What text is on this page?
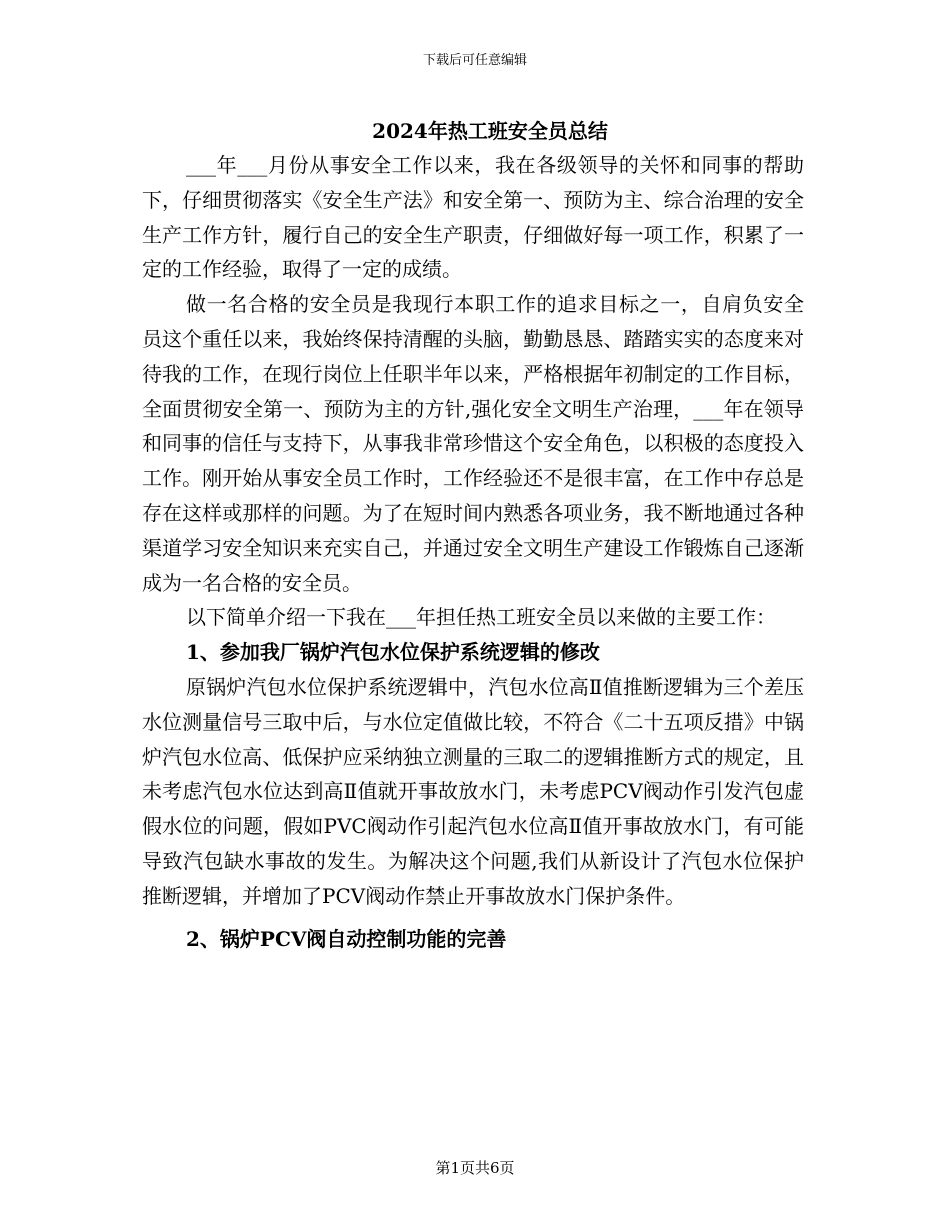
下载后可任意编辑
2024年热工班安全员总结

___年___月份从事安全工作以来，我在各级领导的关怀和同事的帮助下，仔细贯彻落实《安全生产法》和安全第一、预防为主、综合治理的安全生产工作方针，履行自己的安全生产职责，仔细做好每一项工作，积累了一定的工作经验，取得了一定的成绩。

做一名合格的安全员是我现行本职工作的追求目标之一，自肩负安全员这个重任以来，我始终保持清醒的头脑，勤勤恳恳、踏踏实实的态度来对待我的工作，在现行岗位上任职半年以来，严格根据年初制定的工作目标，全面贯彻安全第一、预防为主的方针,强化安全文明生产治理，___年在领导和同事的信任与支持下，从事我非常珍惜这个安全角色，以积极的态度投入工作。刚开始从事安全员工作时，工作经验还不是很丰富，在工作中存总是存在这样或那样的问题。为了在短时间内熟悉各项业务，我不断地通过各种渠道学习安全知识来充实自己，并通过安全文明生产建设工作锻炼自己逐渐成为一名合格的安全员。

以下简单介绍一下我在___年担任热工班安全员以来做的主要工作：

1、参加我厂锅炉汽包水位保护系统逻辑的修改

原锅炉汽包水位保护系统逻辑中，汽包水位高Ⅱ值推断逻辑为三个差压水位测量信号三取中后，与水位定值做比较，不符合《二十五项反措》中锅炉汽包水位高、低保护应采纳独立测量的三取二的逻辑推断方式的规定，且未考虑汽包水位达到高Ⅱ值就开事故放水门，未考虑PCV阀动作引发汽包虚假水位的问题，假如PVC阀动作引起汽包水位高Ⅱ值开事故放水门，有可能导致汽包缺水事故的发生。为解决这个问题,我们从新设计了汽包水位保护推断逻辑，并增加了PCV阀动作禁止开事故放水门保护条件。

2、锅炉PCV阀自动控制功能的完善
第1页共6页
